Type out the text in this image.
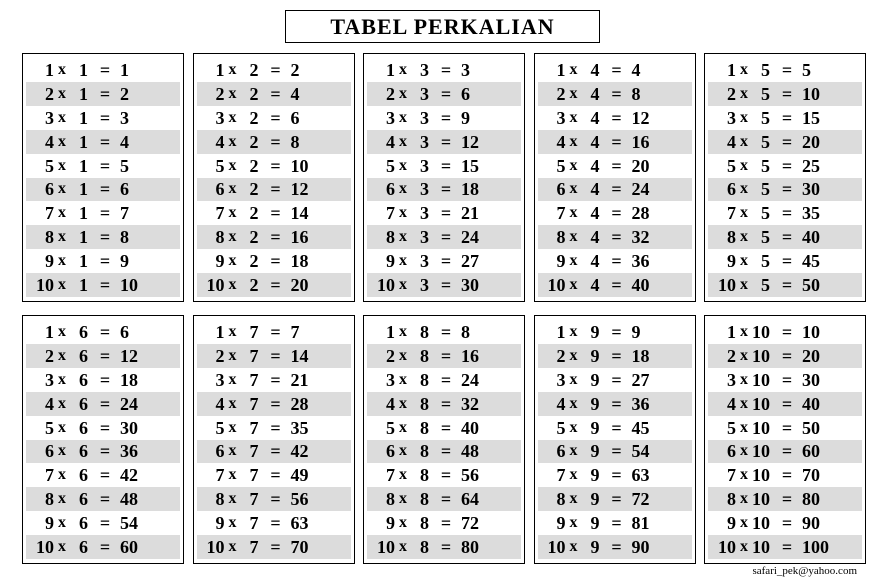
TABEL PERKALIAN
1 x 1 = 1
2 x 1 = 2
3 x 1 = 3
4 x 1 = 4
5 x 1 = 5
6 x 1 = 6
7 x 1 = 7
8 x 1 = 8
9 x 1 = 9
10 x 1 = 10
1 x 2 = 2
2 x 2 = 4
3 x 2 = 6
4 x 2 = 8
5 x 2 = 10
6 x 2 = 12
7 x 2 = 14
8 x 2 = 16
9 x 2 = 18
10 x 2 = 20
1 x 3 = 3
2 x 3 = 6
3 x 3 = 9
4 x 3 = 12
5 x 3 = 15
6 x 3 = 18
7 x 3 = 21
8 x 3 = 24
9 x 3 = 27
10 x 3 = 30
1 x 4 = 4
2 x 4 = 8
3 x 4 = 12
4 x 4 = 16
5 x 4 = 20
6 x 4 = 24
7 x 4 = 28
8 x 4 = 32
9 x 4 = 36
10 x 4 = 40
1 x 5 = 5
2 x 5 = 10
3 x 5 = 15
4 x 5 = 20
5 x 5 = 25
6 x 5 = 30
7 x 5 = 35
8 x 5 = 40
9 x 5 = 45
10 x 5 = 50
1 x 6 = 6
2 x 6 = 12
3 x 6 = 18
4 x 6 = 24
5 x 6 = 30
6 x 6 = 36
7 x 6 = 42
8 x 6 = 48
9 x 6 = 54
10 x 6 = 60
1 x 7 = 7
2 x 7 = 14
3 x 7 = 21
4 x 7 = 28
5 x 7 = 35
6 x 7 = 42
7 x 7 = 49
8 x 7 = 56
9 x 7 = 63
10 x 7 = 70
1 x 8 = 8
2 x 8 = 16
3 x 8 = 24
4 x 8 = 32
5 x 8 = 40
6 x 8 = 48
7 x 8 = 56
8 x 8 = 64
9 x 8 = 72
10 x 8 = 80
1 x 9 = 9
2 x 9 = 18
3 x 9 = 27
4 x 9 = 36
5 x 9 = 45
6 x 9 = 54
7 x 9 = 63
8 x 9 = 72
9 x 9 = 81
10 x 9 = 90
1 x 10 = 10
2 x 10 = 20
3 x 10 = 30
4 x 10 = 40
5 x 10 = 50
6 x 10 = 60
7 x 10 = 70
8 x 10 = 80
9 x 10 = 90
10 x 10 = 100
safari_pek@yahoo.com
